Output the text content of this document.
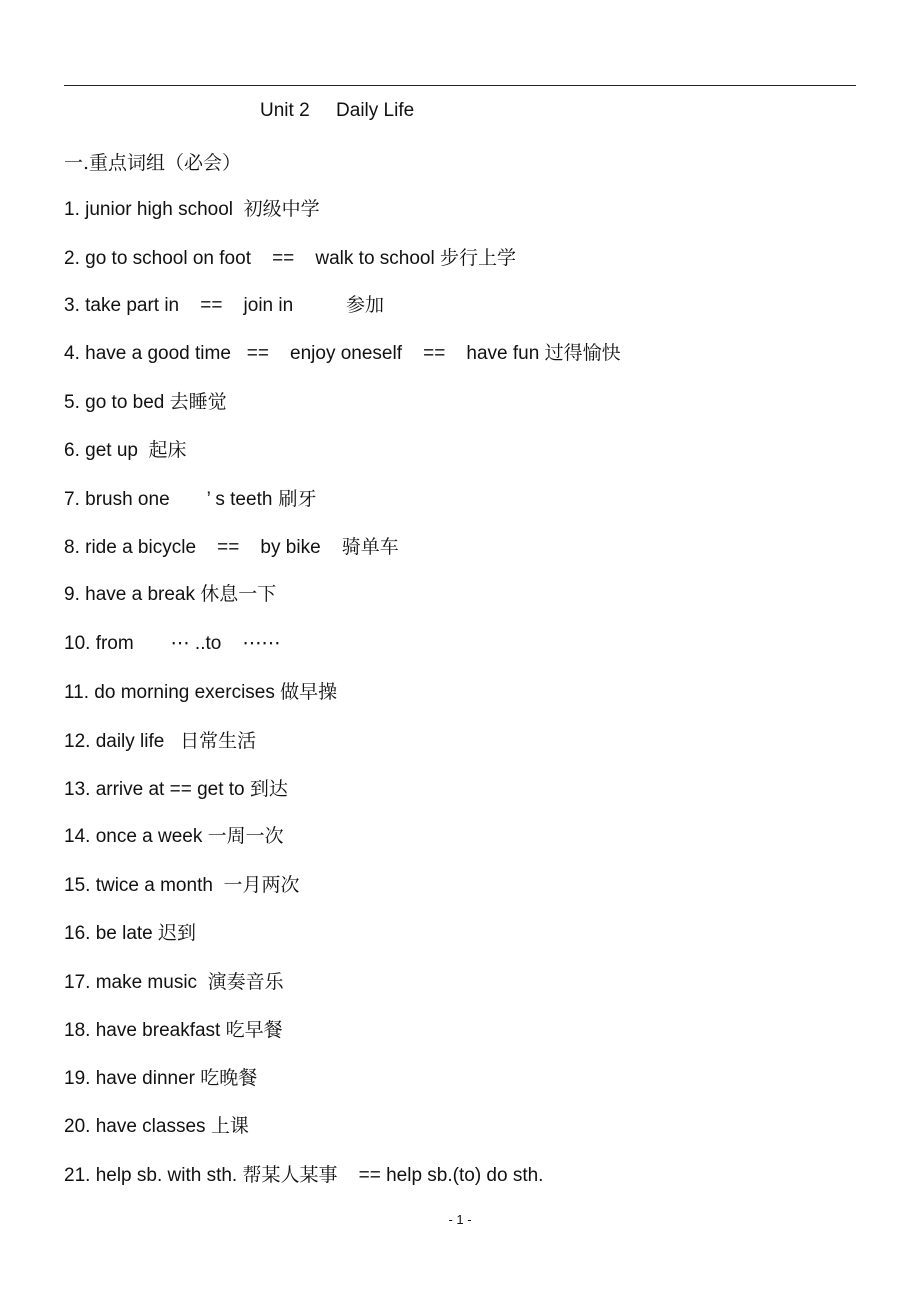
Unit 2     Daily Life
一.重点词组（必会）
1. junior high school  初级中学
2. go to school on foot    ==    walk to school 步行上学
3. take part in    ==    join in          参加
4. have a good time   ==    enjoy oneself    ==    have fun 过得愉快
5. go to bed 去睡觉
6. get up  起床
7. brush one       ’ s teeth 刷牙
8. ride a bicycle    ==    by bike    骑单车
9. have a break 休息一下
10. from       ⋯ ..to    ⋯⋯
11. do morning exercises 做早操
12. daily life   日常生活
13. arrive at == get to 到达
14. once a week 一周一次
15. twice a month  一月两次
16. be late 迟到
17. make music  演奏音乐
18. have breakfast 吃早餐
19. have dinner 吃晚餐
20. have classes 上课
21. help sb. with sth. 帮某人某事    == help sb.(to) do sth.
- 1 -
